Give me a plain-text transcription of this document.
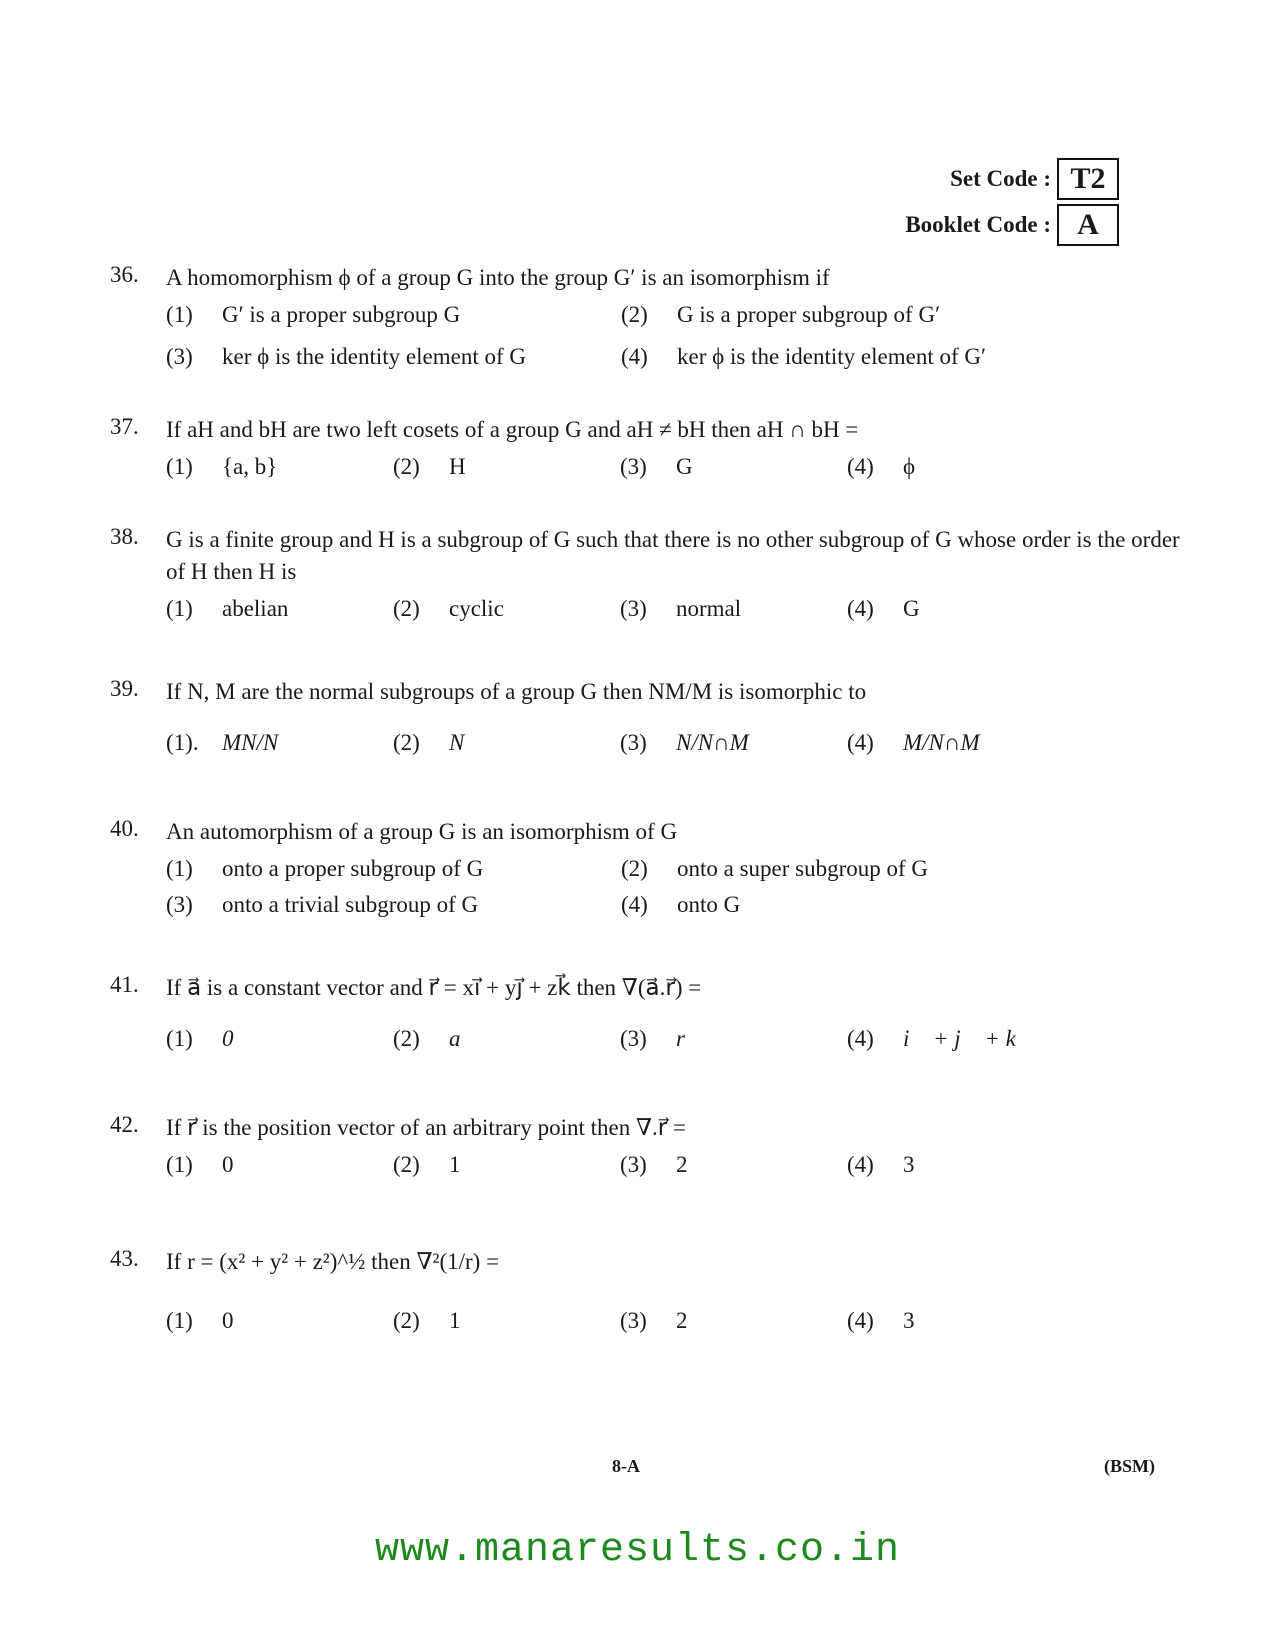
Set Code : T2
Booklet Code : A
36.	A homomorphism ϕ of a group G into the group G′ is an isomorphism if
(1)	G′ is a proper subgroup G	(2)	G is a proper subgroup of G′
(3)	ker ϕ is the identity element of G	(4)	ker ϕ is the identity element of G′
37.	If aH and bH are two left cosets of a group G and aH ≠ bH then aH ∩ bH =
(1)	{a, b}	(2)	H	(3)	G	(4)	ϕ
38.	G is a finite group and H is a subgroup of G such that there is no other subgroup of G whose order is the order of H then H is
(1)	abelian	(2)	cyclic	(3)	normal	(4)	G
39.	If N, M are the normal subgroups of a group G then NM/M is isomorphic to
(1).	MN/N	(2)	N	(3)	N/N∩M	(4)	M/N∩M
40.	An automorphism of a group G is an isomorphism of G
(1)	onto a proper subgroup of G	(2)	onto a super subgroup of G
(3)	onto a trivial subgroup of G	(4)	onto G
41.	If a⃗ is a constant vector and r⃗ = xi⃗ + yj⃗ + zk⃗ then ∇(a⃗.r⃗) =
(1)	0⃗	(2)	a⃗	(3)	r⃗	(4)	i⃗ + j⃗ + k⃗
42.	If r⃗ is the position vector of an arbitrary point then ∇.r⃗ =
(1)	0	(2)	1	(3)	2	(4)	3
43.	If r = (x² + y² + z²)^½ then ∇²(1/r) =
(1)	0	(2)	1	(3)	2	(4)	3
8-A	(BSM)
www.manaresults.co.in
